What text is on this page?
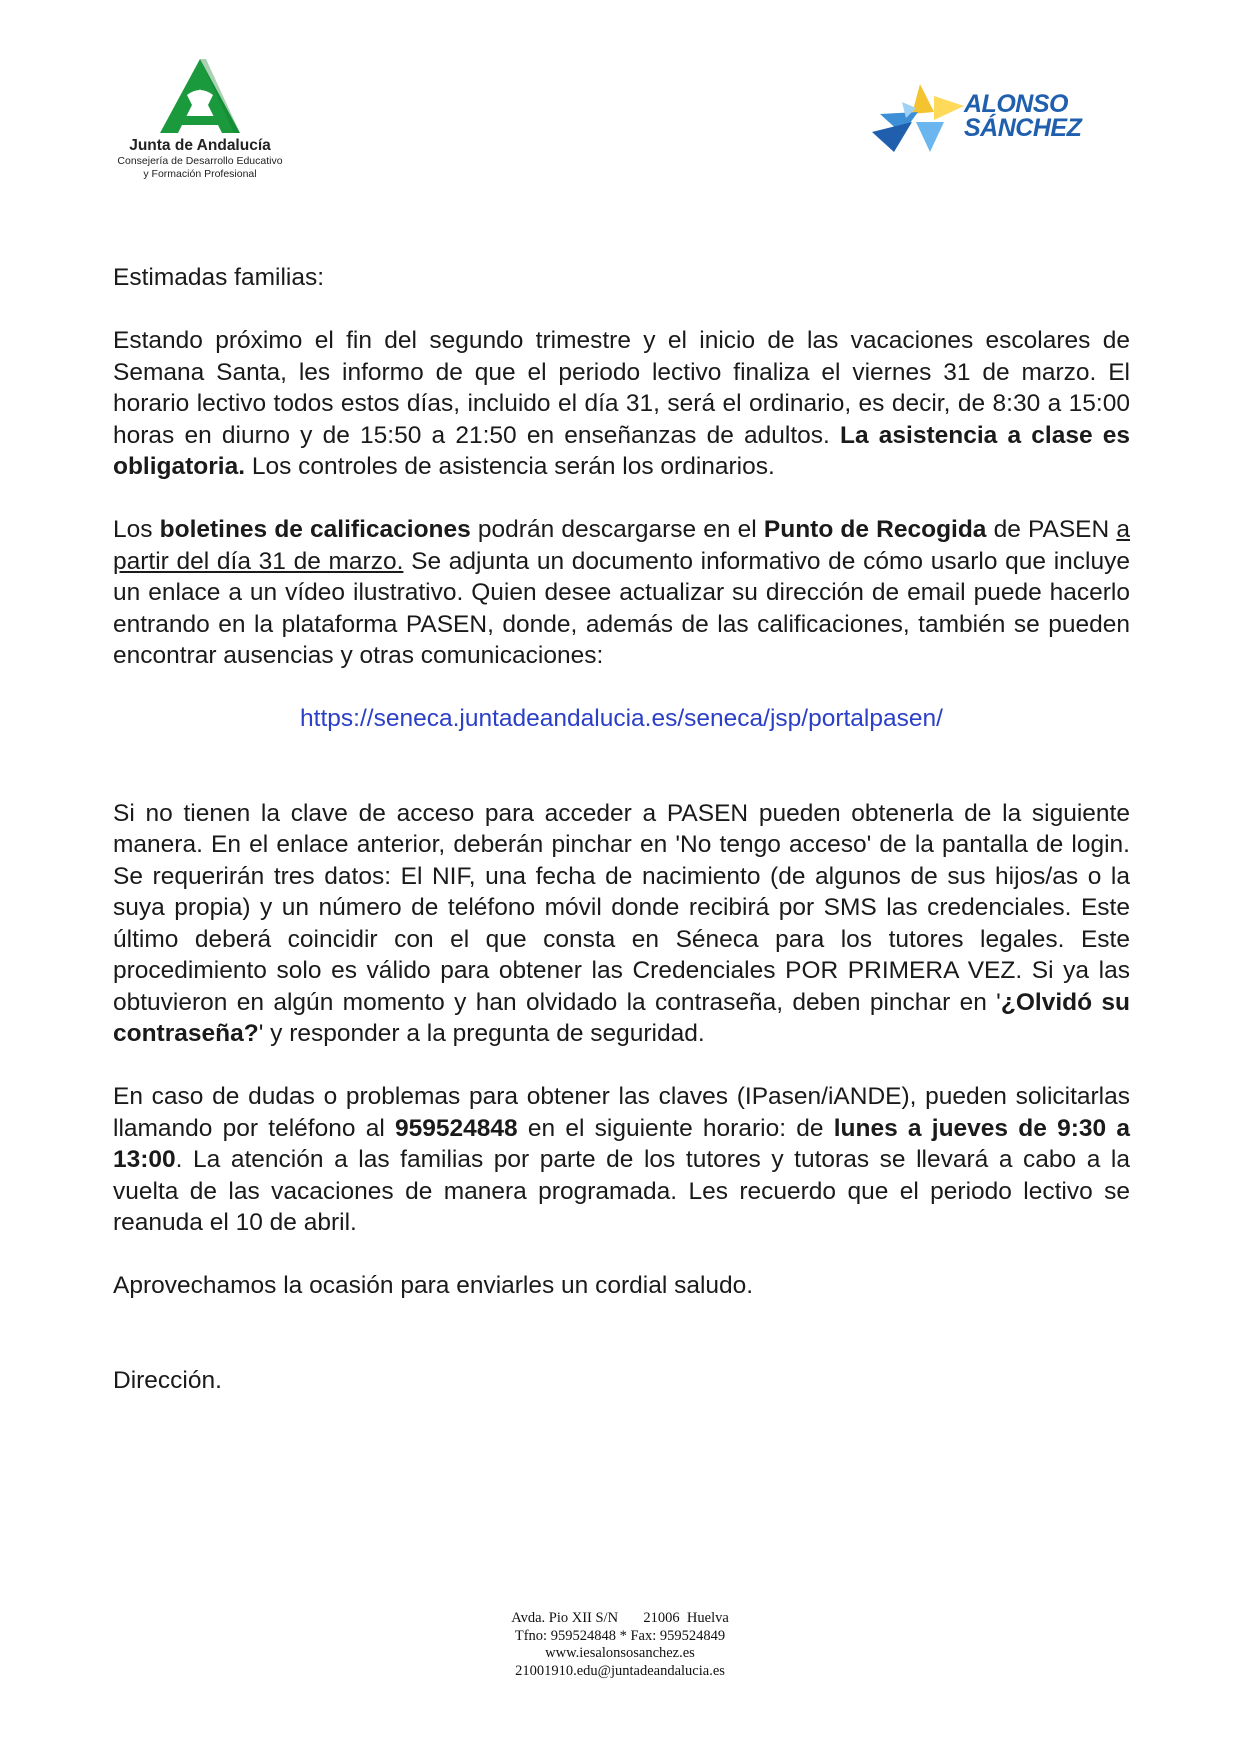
Junta de Andalucía
Consejería de Desarrollo Educativo
y Formación Profesional
ALONSO
SÁNCHEZ

Estimadas familias:

Estando próximo el fin del segundo trimestre y el inicio de las vacaciones escolares de Semana Santa, les informo de que el periodo lectivo finaliza el viernes 31 de marzo. El horario lectivo todos estos días, incluido el día 31, será el ordinario, es decir, de 8:30 a 15:00 horas en diurno y de 15:50 a 21:50 en enseñanzas de adultos. La asistencia a clase es obligatoria. Los controles de asistencia serán los ordinarios.

Los boletines de calificaciones podrán descargarse en el Punto de Recogida de PASEN a partir del día 31 de marzo. Se adjunta un documento informativo de cómo usarlo que incluye un enlace a un vídeo ilustrativo. Quien desee actualizar su dirección de email puede hacerlo entrando en la plataforma PASEN, donde, además de las calificaciones, también se pueden encontrar ausencias y otras comunicaciones:

https://seneca.juntadeandalucia.es/seneca/jsp/portalpasen/

Si no tienen la clave de acceso para acceder a PASEN pueden obtenerla de la siguiente manera. En el enlace anterior, deberán pinchar en 'No tengo acceso' de la pantalla de login. Se requerirán tres datos: El NIF, una fecha de nacimiento (de algunos de sus hijos/as o la suya propia) y un número de teléfono móvil donde recibirá por SMS las credenciales. Este último deberá coincidir con el que consta en Séneca para los tutores legales. Este procedimiento solo es válido para obtener las Credenciales POR PRIMERA VEZ. Si ya las obtuvieron en algún momento y han olvidado la contraseña, deben pinchar en '¿Olvidó su contraseña?' y responder a la pregunta de seguridad.

En caso de dudas o problemas para obtener las claves (IPasen/iANDE), pueden solicitarlas llamando por teléfono al 959524848 en el siguiente horario: de lunes a jueves de 9:30 a 13:00. La atención a las familias por parte de los tutores y tutoras se llevará a cabo a la vuelta de las vacaciones de manera programada. Les recuerdo que el periodo lectivo se reanuda el 10 de abril.

Aprovechamos la ocasión para enviarles un cordial saludo.

Dirección.

Avda. Pio XII S/N       21006  Huelva
Tfno: 959524848 * Fax: 959524849
www.iesalonsosanchez.es
21001910.edu@juntadeandalucia.es
